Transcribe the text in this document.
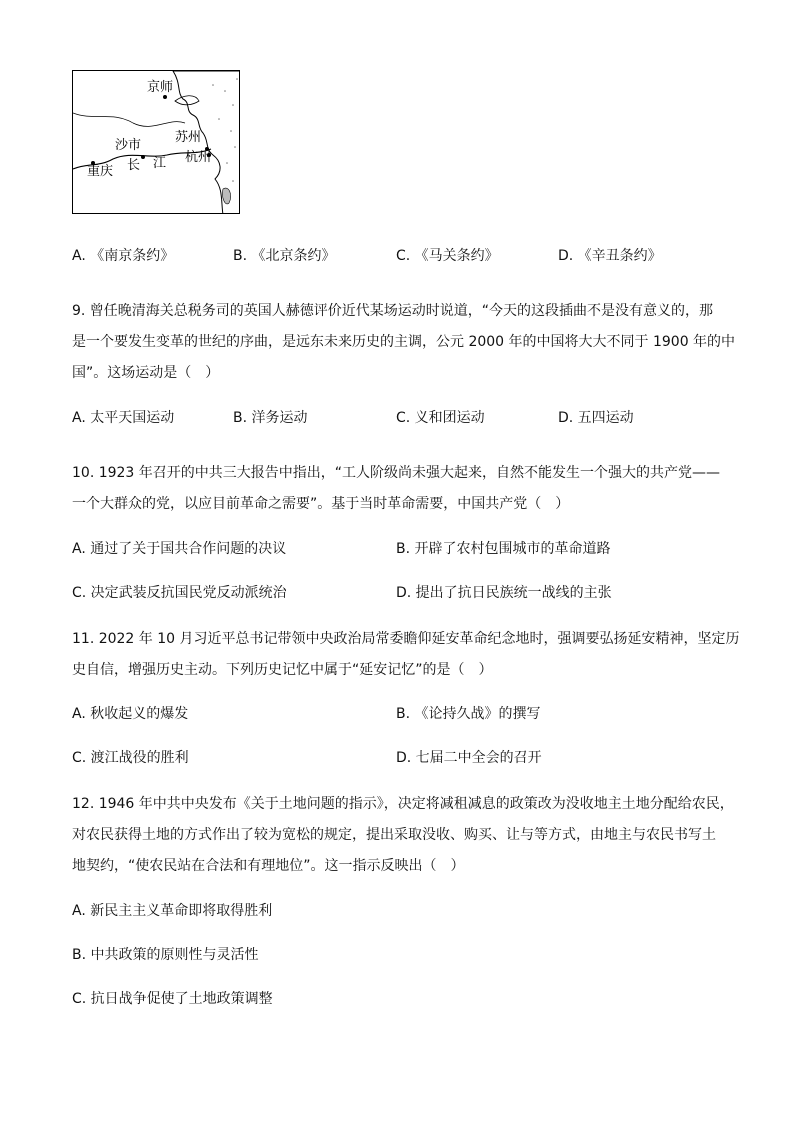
京师
苏州
沙市
杭州
重庆 长 江
A. 《南京条约》	B. 《北京条约》	C. 《马关条约》	D. 《辛丑条约》
9. 曾任晚清海关总税务司的英国人赫德评价近代某场运动时说道，“今天的这段插曲不是没有意义的，那
是一个要发生变革的世纪的序曲，是远东未来历史的主调，公元 2000 年的中国将大大不同于 1900 年的中
国”。这场运动是（　）
A. 太平天国运动	B. 洋务运动	C. 义和团运动	D. 五四运动
10. 1923 年召开的中共三大报告中指出，“工人阶级尚未强大起来，自然不能发生一个强大的共产党——
一个大群众的党，以应目前革命之需要”。基于当时革命需要，中国共产党（　）
A. 通过了关于国共合作问题的决议	B. 开辟了农村包围城市的革命道路
C. 决定武装反抗国民党反动派统治	D. 提出了抗日民族统一战线的主张
11. 2022 年 10 月习近平总书记带领中央政治局常委瞻仰延安革命纪念地时，强调要弘扬延安精神，坚定历
史自信，增强历史主动。下列历史记忆中属于“延安记忆”的是（　）
A. 秋收起义的爆发	B. 《论持久战》的撰写
C. 渡江战役的胜利	D. 七届二中全会的召开
12. 1946 年中共中央发布《关于土地问题的指示》，决定将减租减息的政策改为没收地主土地分配给农民，
对农民获得土地的方式作出了较为宽松的规定，提出采取没收、购买、让与等方式，由地主与农民书写土
地契约，“使农民站在合法和有理地位”。这一指示反映出（　）
A. 新民主主义革命即将取得胜利
B. 中共政策的原则性与灵活性
C. 抗日战争促使了土地政策调整
